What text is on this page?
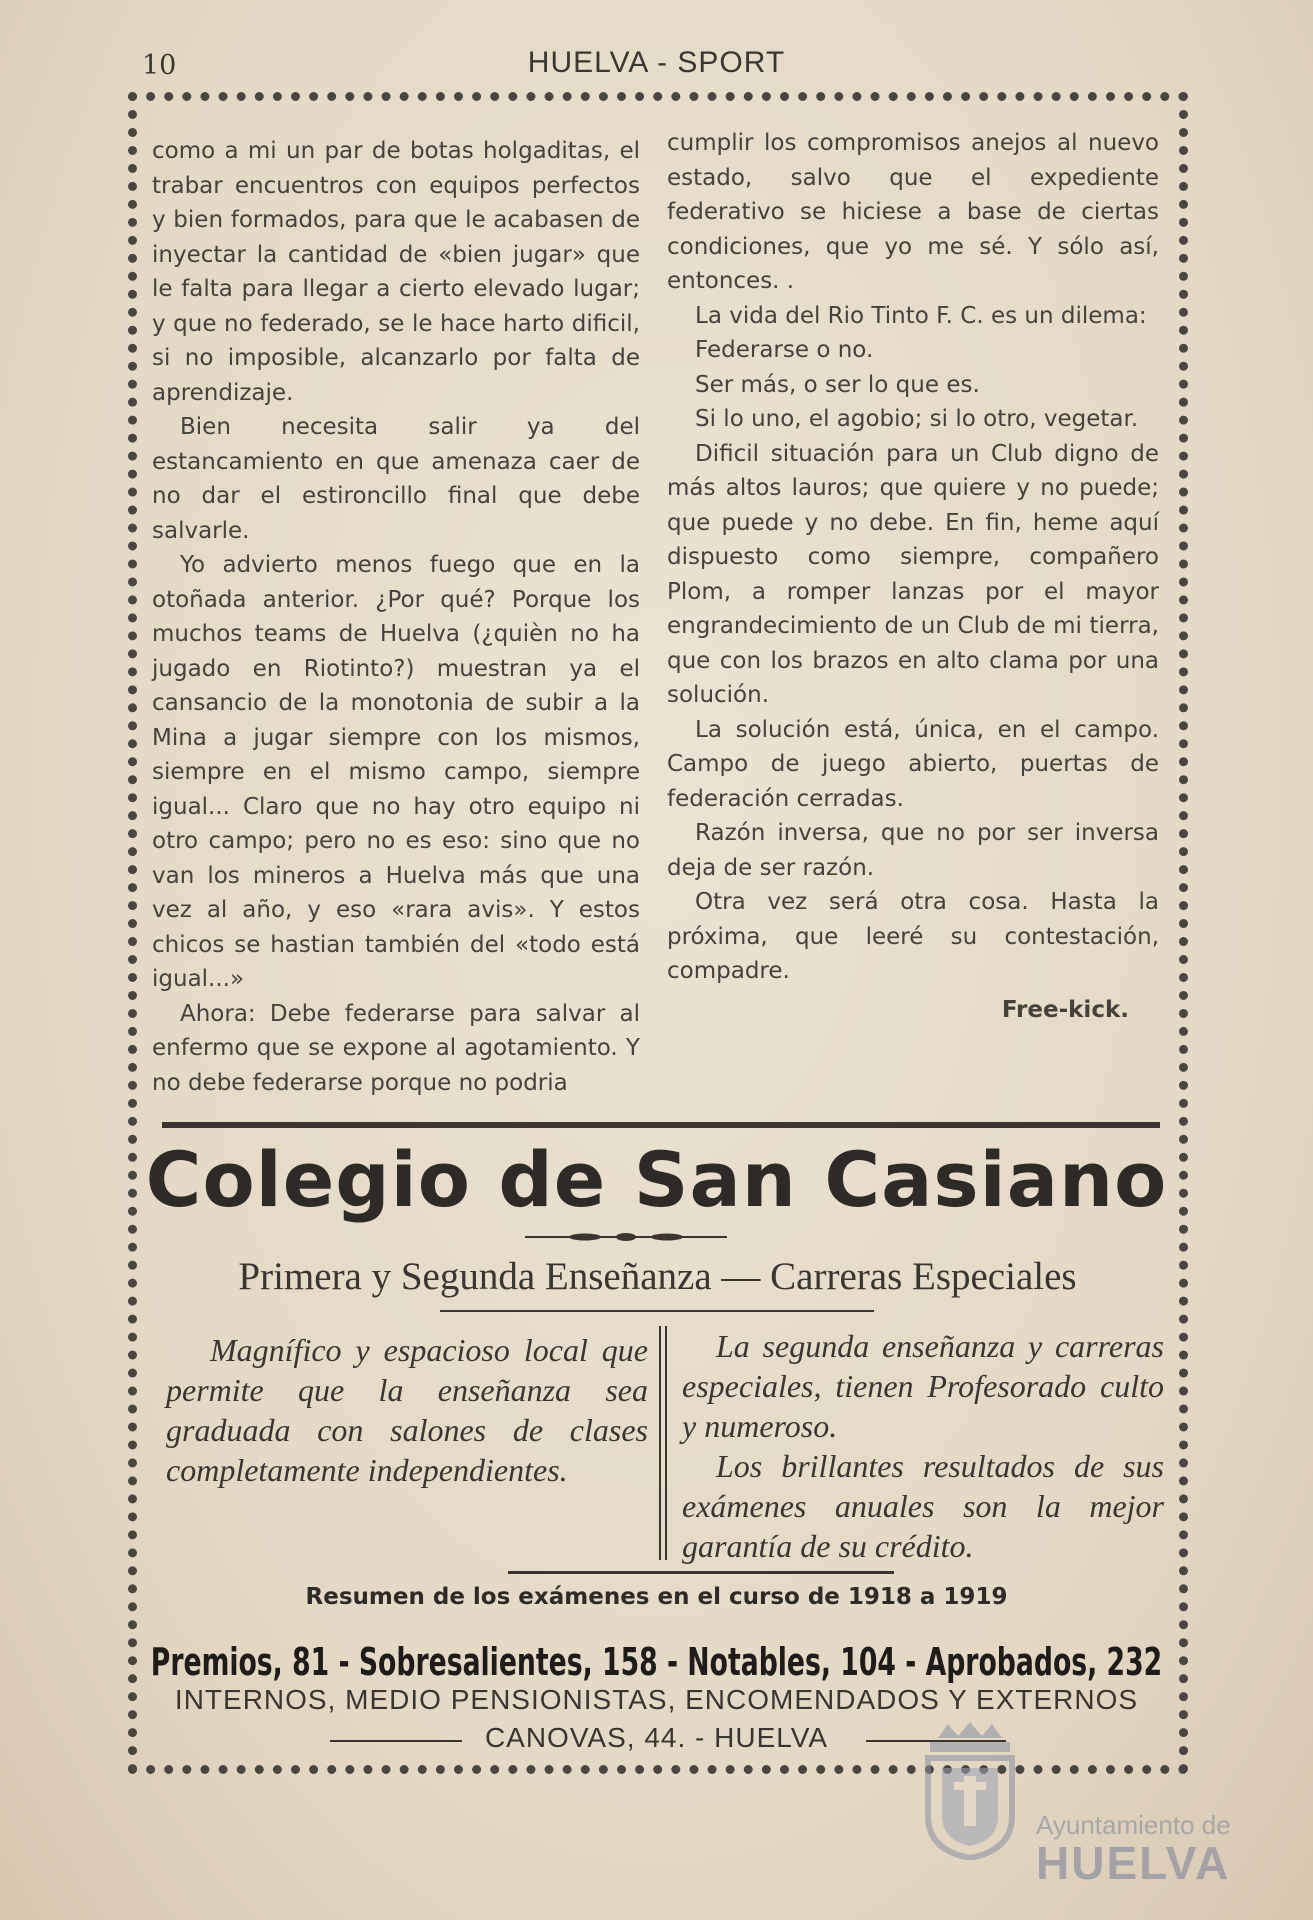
10	HUELVA - SPORT

como a mi un par de botas holgaditas, el trabar encuentros con equipos perfectos y bien formados, para que le acabasen de inyectar la cantidad de «bien jugar» que le falta para llegar a cierto elevado lugar; y que no federado, se le hace harto dificil, si no imposible, alcanzarlo por falta de aprendizaje.

Bien necesita salir ya del estancamiento en que amenaza caer de no dar el estironcillo final que debe salvarle.

Yo advierto menos fuego que en la otoñada anterior. ¿Por qué? Porque los muchos teams de Huelva (¿quièn no ha jugado en Riotinto?) muestran ya el cansancio de la monotonia de subir a la Mina a jugar siempre con los mismos, siempre en el mismo campo, siempre igual... Claro que no hay otro equipo ni otro campo; pero no es eso: sino que no van los mineros a Huelva más que una vez al año, y eso «rara avis». Y estos chicos se hastian también del «todo está igual...»

Ahora: Debe federarse para salvar al enfermo que se expone al agotamiento. Y no debe federarse porque no podria

cumplir los compromisos anejos al nuevo estado, salvo que el expediente federativo se hiciese a base de ciertas condiciones, que yo me sé. Y sólo así, entonces. .

La vida del Rio Tinto F. C. es un dilema:

Federarse o no.

Ser más, o ser lo que es.

Si lo uno, el agobio; si lo otro, vegetar.

Dificil situación para un Club digno de más altos lauros; que quiere y no puede; que puede y no debe. En fin, heme aquí dispuesto como siempre, compañero Plom, a romper lanzas por el mayor engrandecimiento de un Club de mi tierra, que con los brazos en alto clama por una solución.

La solución está, única, en el campo. Campo de juego abierto, puertas de federación cerradas.

Razón inversa, que no por ser inversa deja de ser razón.

Otra vez será otra cosa. Hasta la próxima, que leeré su contestación, compadre.

Free-kick.

Colegio de San Casiano
Primera y Segunda Enseñanza — Carreras Especiales

Magnífico y espacioso local que permite que la enseñanza sea graduada con salones de clases completamente independientes.

La segunda enseñanza y carreras especiales, tienen Profesorado culto y numeroso.

Los brillantes resultados de sus exámenes anuales son la mejor garantía de su crédito.

Resumen de los exámenes en el curso de 1918 a 1919
Premios, 81 - Sobresalientes, 158 - Notables, 104 - Aprobados, 232
INTERNOS, MEDIO PENSIONISTAS, ENCOMENDADOS Y EXTERNOS
CANOVAS, 44. - HUELVA
Ayuntamiento de
HUELVA
